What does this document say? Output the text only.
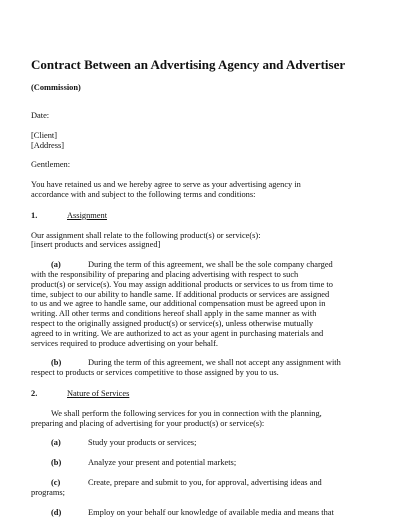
Contract Between an Advertising Agency and Advertiser
(Commission)
Date:
[Client]
[Address]
Gentlemen:
You have retained us and we hereby agree to serve as your advertising agency in
accordance with and subject to the following terms and conditions:
1.	Assignment
Our assignment shall relate to the following product(s) or service(s):
[insert products and services assigned]
(a)	During the term of this agreement, we shall be the sole company charged
with the responsibility of preparing and placing advertising with respect to such
product(s) or service(s). You may assign additional products or services to us from time to
time, subject to our ability to handle same. If additional products or services are assigned
to us and we agree to handle same, our additional compensation must be agreed upon in
writing. All other terms and conditions hereof shall apply in the same manner as with
respect to the originally assigned product(s) or service(s), unless otherwise mutually
agreed to in writing. We are authorized to act as your agent in purchasing materials and
services required to produce advertising on your behalf.
(b)	During the term of this agreement, we shall not accept any assignment with
respect to products or services competitive to those assigned by you to us.
2.	Nature of Services
We shall perform the following services for you in connection with the planning,
preparing and placing of advertising for your product(s) or service(s):
(a)	Study your products or services;
(b)	Analyze your present and potential markets;
(c)	Create, prepare and submit to you, for approval, advertising ideas and
programs;
(d)	Employ on your behalf our knowledge of available media and means that
